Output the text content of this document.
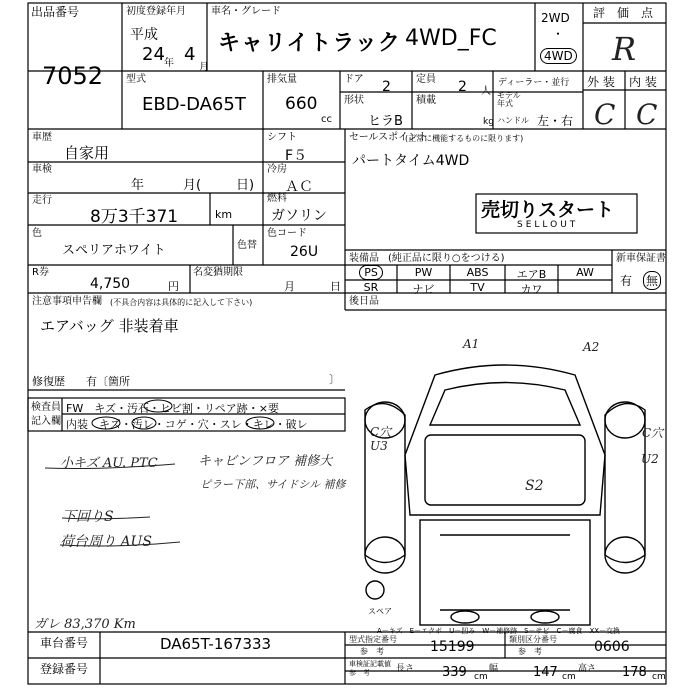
出品番号
7052
初度登録年月
平成
24 年 4
月
車名・グレード
キャリイトラック 4WD_FC
2WD
・
4WD
評　価　点
R
型式
EBD-DA65T
排気量
660
cc
ドア 2	定員 2 人
ディーラー・並行
形状
ヒラB
積載
kg
モデル
年式
ハンドル 左・右
外 装 内 装
C C
車歴
自家用
シフト
F５
車検
年	月(	日)
冷房
ＡＣ
走行
8万3千371	km
燃料
ガソリン
色
スペリアホワイト	色替
色コード
26U
R券
4,750	円
名変猶期限
月	日
注意事項申告欄 (不具合内容は具体的に記入して下さい)
エアバッグ 非装着車
修復歴 有〔箇所	〕
セールスポイント
(正常に機能するものに限ります)
パートタイム4WD
売切りスタート
SELLOUT
装備品 (純正品に限り○をつける)	新車保証書
有 無
PS	PW	ABS	エアB	AW
SR	ナビ	TV	カワ
後日品
検査員
記入欄
FW　キズ・汚石・ヒビ割・リペア跡・×要
内装　キズ・汚レ・コゲ・穴・スレ・キレ・破レ
小キズ AU. PTC	キャビンフロア 補修大
ピラー下部、サイドシル 補修
下回りS
荷台周り AUS
ガレ 83,370 Km
スペア
A1	A2
C穴
U3
C穴
U2
S2
A－キズ　E－エクボ　U－凹み　W－補修跡　S－サビ　C－腐食　XX－交換
車台番号	DA65T-167333
登録番号
型式指定番号
参　考	15199	類別区分番号
参　考	0606
車検証記載値
参　考	長さ 339 cm
幅	147 cm
高さ 178 cm
